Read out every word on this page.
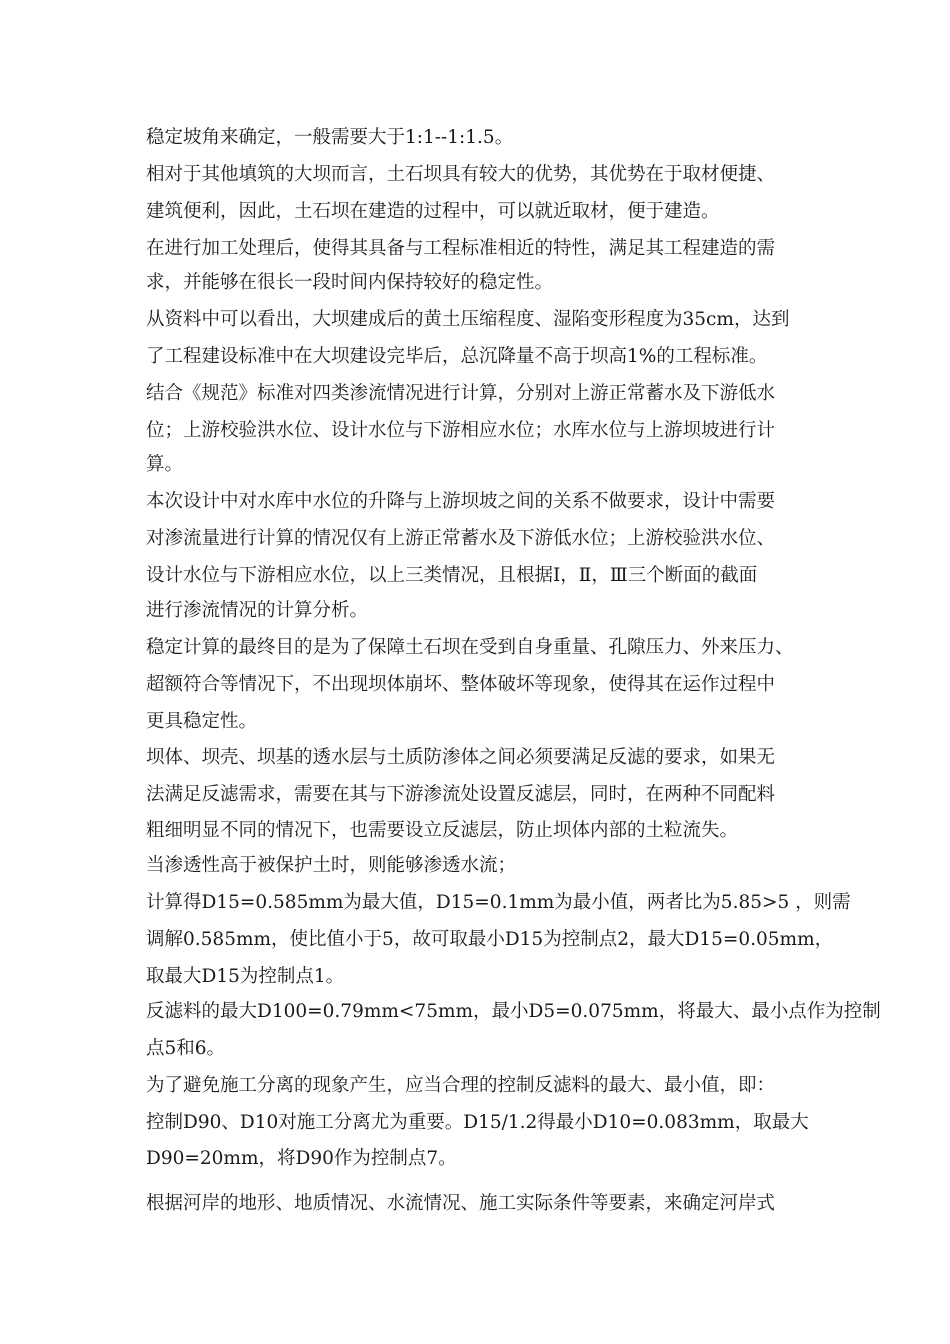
稳定坡角来确定，一般需要大于1:1--1:1.5。
相对于其他填筑的大坝而言，土石坝具有较大的优势，其优势在于取材便捷、
建筑便利，因此，土石坝在建造的过程中，可以就近取材，便于建造。
在进行加工处理后，使得其具备与工程标准相近的特性，满足其工程建造的需
求，并能够在很长一段时间内保持较好的稳定性。
从资料中可以看出，大坝建成后的黄土压缩程度、湿陷变形程度为35cm，达到
了工程建设标准中在大坝建设完毕后，总沉降量不高于坝高1%的工程标准。
结合《规范》标准对四类渗流情况进行计算，分别对上游正常蓄水及下游低水
位；上游校验洪水位、设计水位与下游相应水位；水库水位与上游坝坡进行计
算。
本次设计中对水库中水位的升降与上游坝坡之间的关系不做要求，设计中需要
对渗流量进行计算的情况仅有上游正常蓄水及下游低水位；上游校验洪水位、
设计水位与下游相应水位，以上三类情况，且根据Ⅰ，Ⅱ，Ⅲ三个断面的截面
进行渗流情况的计算分析。
稳定计算的最终目的是为了保障土石坝在受到自身重量、孔隙压力、外来压力、
超额符合等情况下，不出现坝体崩坏、整体破坏等现象，使得其在运作过程中
更具稳定性。
坝体、坝壳、坝基的透水层与土质防渗体之间必须要满足反滤的要求，如果无
法满足反滤需求，需要在其与下游渗流处设置反滤层，同时，在两种不同配料
粗细明显不同的情况下，也需要设立反滤层，防止坝体内部的土粒流失。
当渗透性高于被保护土时，则能够渗透水流；
计算得D15=0.585mm为最大值，D15=0.1mm为最小值，两者比为5.85>5 ，则需
调解0.585mm，使比值小于5，故可取最小D15为控制点2，最大D15=0.05mm，
取最大D15为控制点1。
反滤料的最大D100=0.79mm<75mm，最小D5=0.075mm，将最大、最小点作为控制
点5和6。
为了避免施工分离的现象产生，应当合理的控制反滤料的最大、最小值，即：
控制D90、D10对施工分离尤为重要。D15/1.2得最小D10=0.083mm，取最大
D90=20mm，将D90作为控制点7。
根据河岸的地形、地质情况、水流情况、施工实际条件等要素，来确定河岸式
